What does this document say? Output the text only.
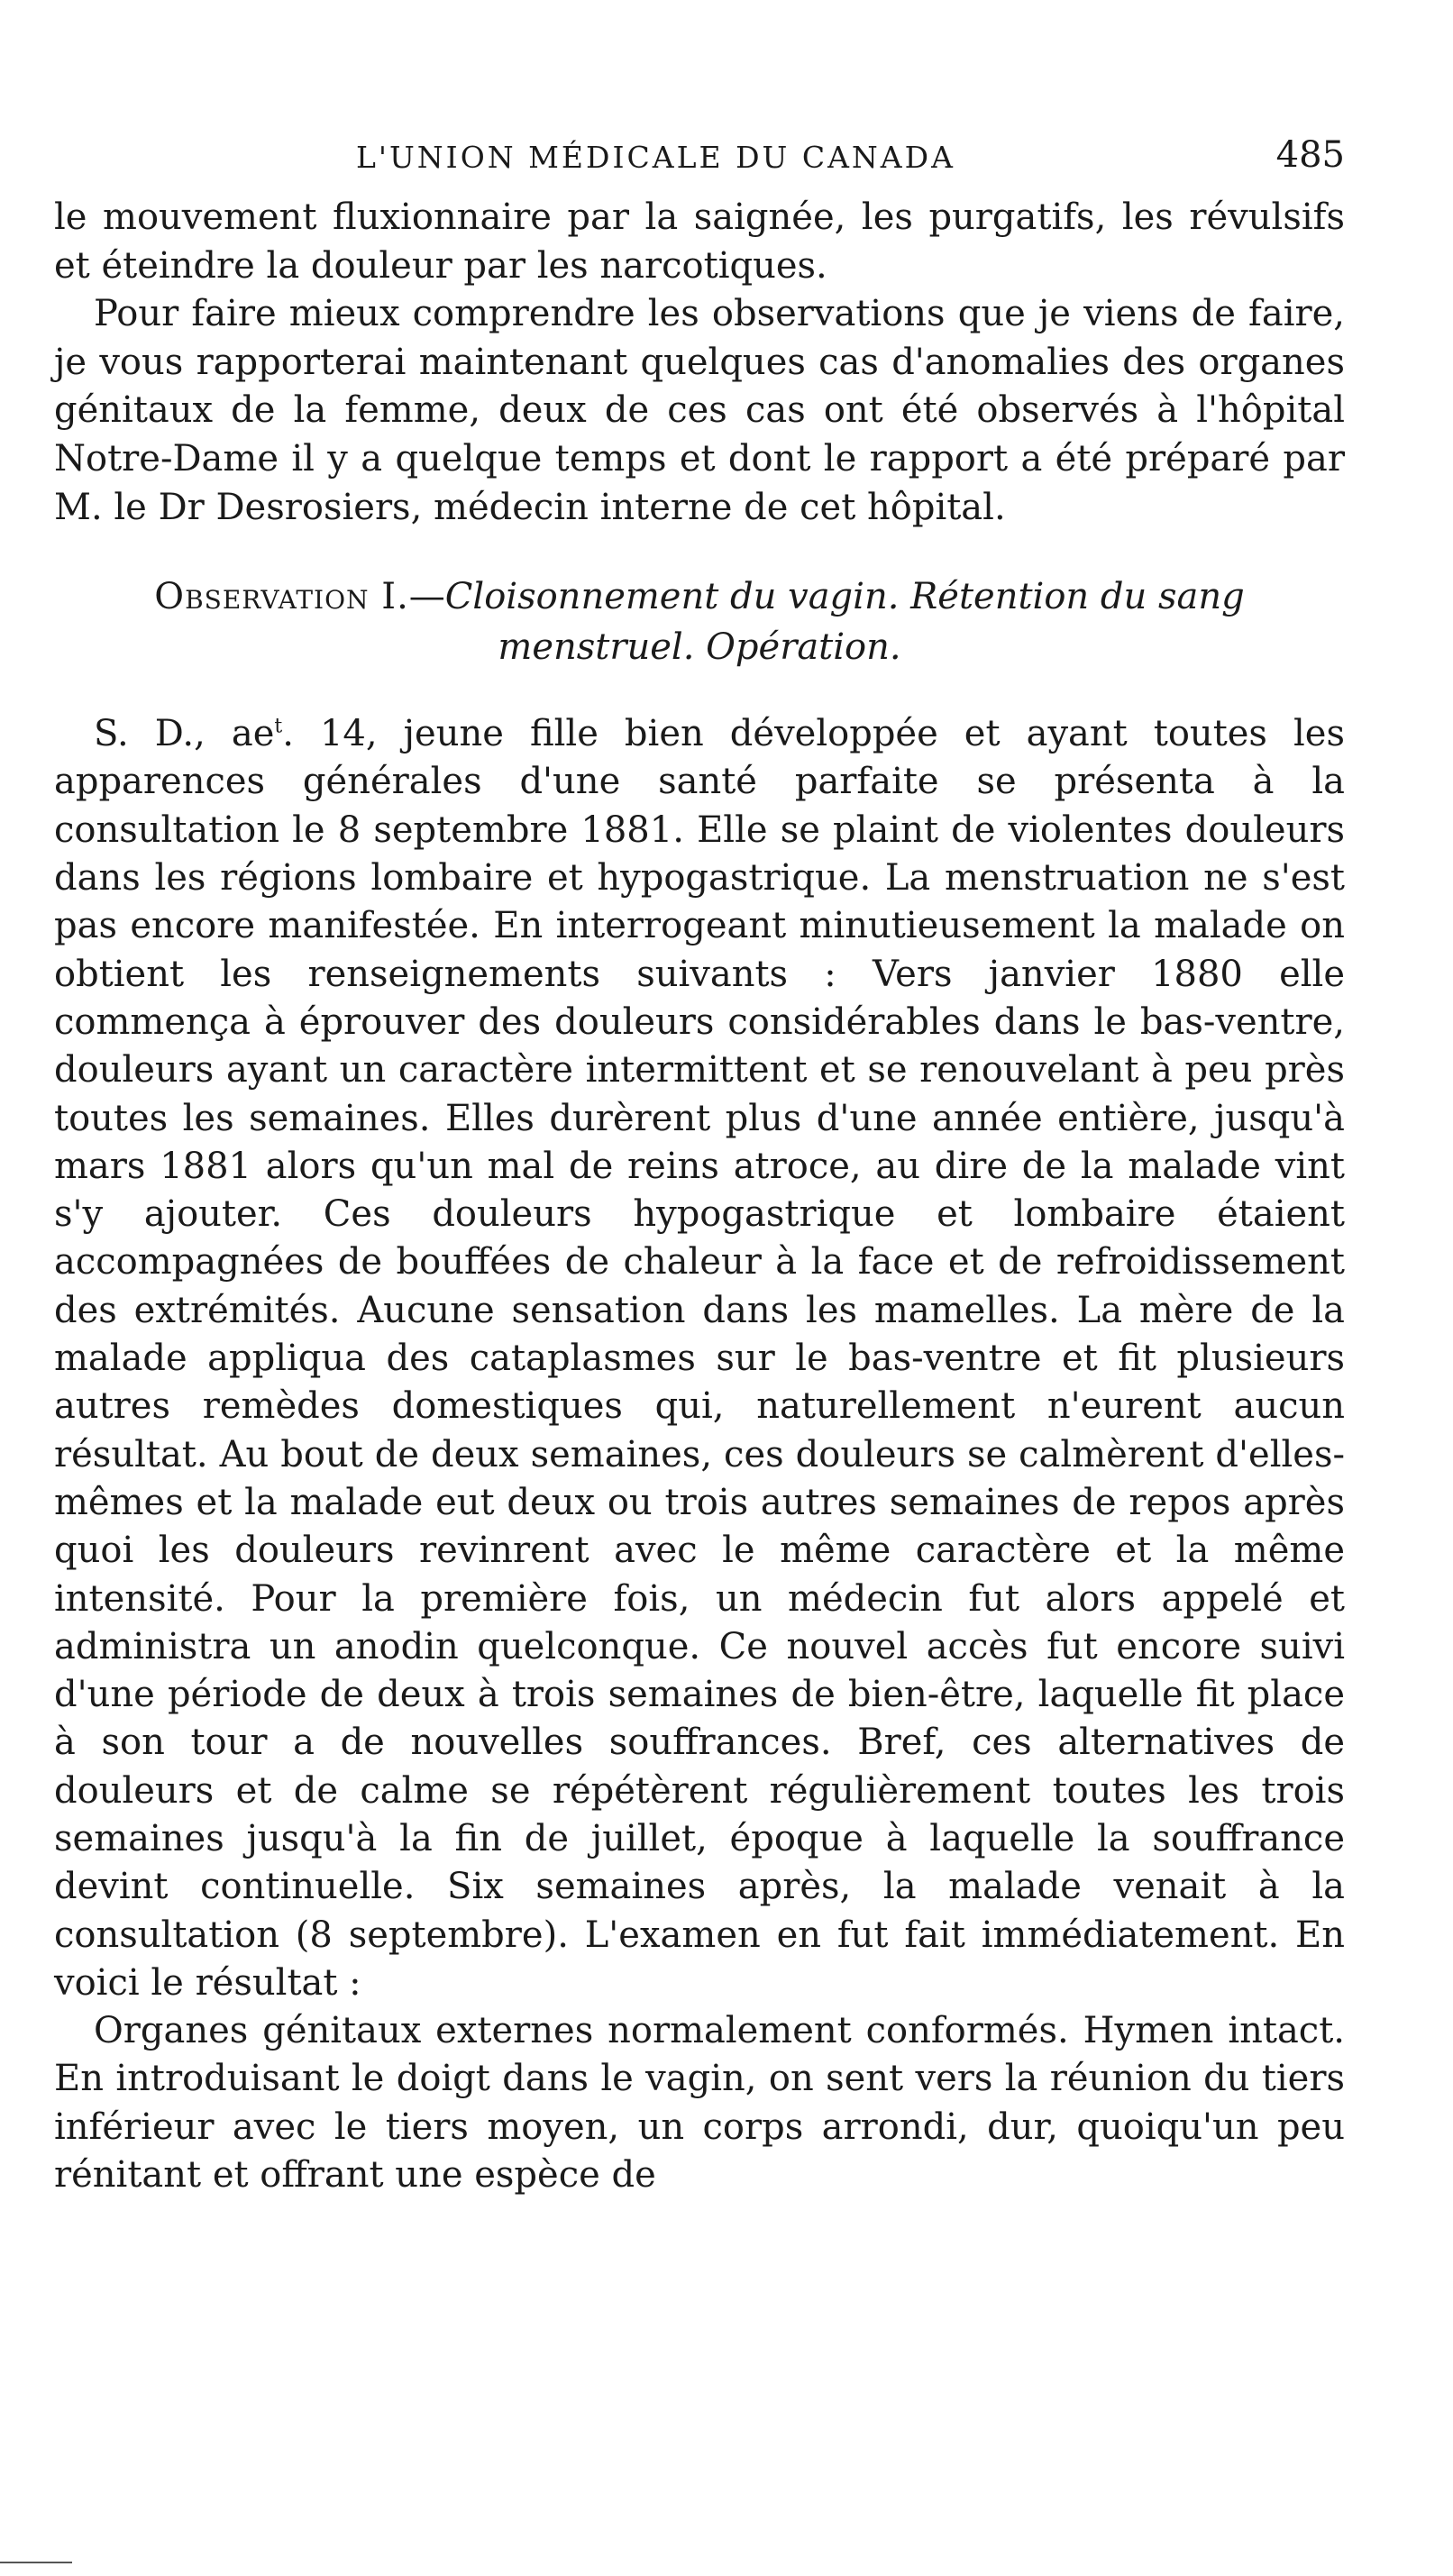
L'UNION MÉDICALE DU CANADA	485

le mouvement fluxionnaire par la saignée, les purgatifs, les révulsifs et éteindre la douleur par les narcotiques.

Pour faire mieux comprendre les observations que je viens de faire, je vous rapporterai maintenant quelques cas d'anomalies des organes génitaux de la femme, deux de ces cas ont été observés à l'hôpital Notre-Dame il y a quelque temps et dont le rapport a été préparé par M. le Dr Desrosiers, médecin interne de cet hôpital.

Observation I.—Cloisonnement du vagin. Rétention du sang menstruel. Opération.

S. D., $ae^t$. 14, jeune fille bien développée et ayant toutes les apparences générales d'une santé parfaite se présenta à la consultation le 8 septembre 1881. Elle se plaint de violentes douleurs dans les régions lombaire et hypogastrique. La menstruation ne s'est pas encore manifestée. En interrogeant minutieusement la malade on obtient les renseignements suivants : Vers janvier 1880 elle commença à éprouver des douleurs considérables dans le bas-ventre, douleurs ayant un caractère intermittent et se renouvelant à peu près toutes les semaines. Elles durèrent plus d'une année entière, jusqu'à mars 1881 alors qu'un mal de reins atroce, au dire de la malade vint s'y ajouter. Ces douleurs hypogastrique et lombaire étaient accompagnées de bouffées de chaleur à la face et de refroidissement des extrémités. Aucune sensation dans les mamelles. La mère de la malade appliqua des cataplasmes sur le bas-ventre et fit plusieurs autres remèdes domestiques qui, naturellement n'eurent aucun résultat. Au bout de deux semaines, ces douleurs se calmèrent d'elles-mêmes et la malade eut deux ou trois autres semaines de repos après quoi les douleurs revinrent avec le même caractère et la même intensité. Pour la première fois, un médecin fut alors appelé et administra un anodin quelconque. Ce nouvel accès fut encore suivi d'une période de deux à trois semaines de bien-être, laquelle fit place à son tour a de nouvelles souffrances. Bref, ces alternatives de douleurs et de calme se répétèrent régulièrement toutes les trois semaines jusqu'à la fin de juillet, époque à laquelle la souffrance devint continuelle. Six semaines après, la malade venait à la consultation (8 septembre). L'examen en fut fait immédiatement. En voici le résultat :

Organes génitaux externes normalement conformés. Hymen intact. En introduisant le doigt dans le vagin, on sent vers la réunion du tiers inférieur avec le tiers moyen, un corps arrondi, dur, quoiqu'un peu rénitant et offrant une espèce de
